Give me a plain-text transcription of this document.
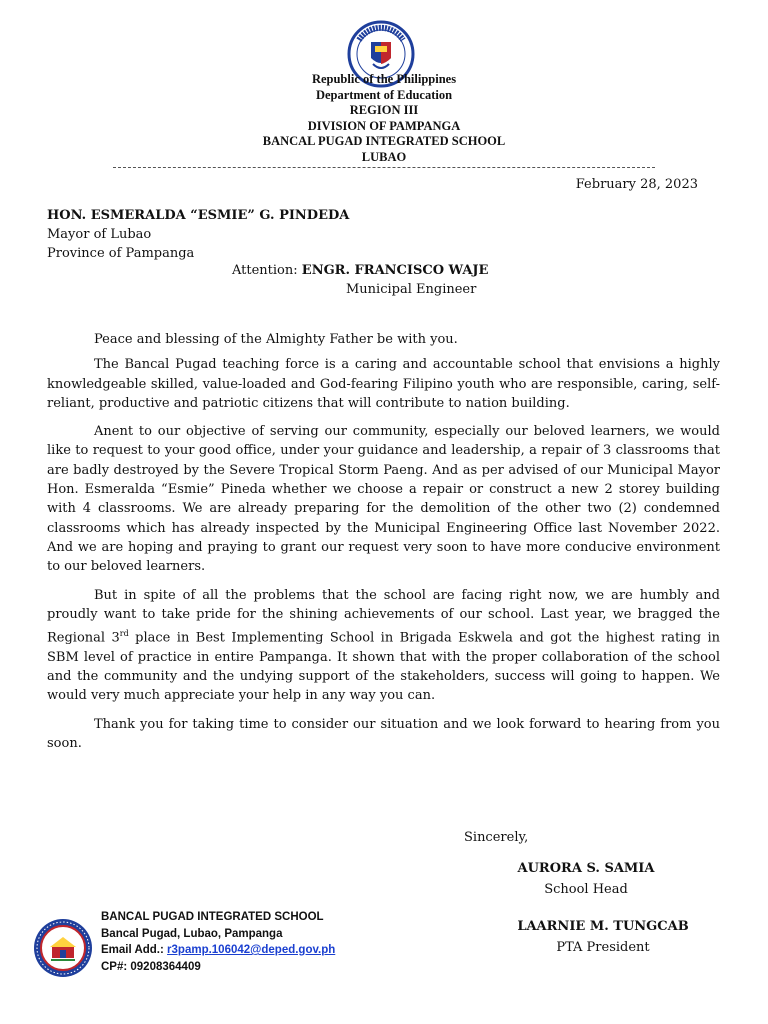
Republic of the Philippines
Department of Education
REGION III
DIVISION OF PAMPANGA
BANCAL PUGAD INTEGRATED SCHOOL
LUBAO
February 28, 2023
HON. ESMERALDA “ESMIE” G. PINDEDA
Mayor of Lubao
Province of Pampanga
Attention: ENGR. FRANCISCO WAJE
Municipal Engineer

Peace and blessing of the Almighty Father be with you.

The Bancal Pugad teaching force is a caring and accountable school that envisions a highly knowledgeable skilled, value-loaded and God-fearing Filipino youth who are responsible, caring, self-reliant, productive and patriotic citizens that will contribute to nation building.

Anent to our objective of serving our community, especially our beloved learners, we would like to request to your good office, under your guidance and leadership, a repair of 3 classrooms that are badly destroyed by the Severe Tropical Storm Paeng. And as per advised of our Municipal Mayor Hon. Esmeralda “Esmie” Pineda whether we choose a repair or construct a new 2 storey building with 4 classrooms. We are already preparing for the demolition of the other two (2) condemned classrooms which has already inspected by the Municipal Engineering Office last November 2022. And we are hoping and praying to grant our request very soon to have more conducive environment to our beloved learners.

But in spite of all the problems that the school are facing right now, we are humbly and proudly want to take pride for the shining achievements of our school. Last year, we bragged the Regional 3rd place in Best Implementing School in Brigada Eskwela and got the highest rating in SBM level of practice in entire Pampanga. It shown that with the proper collaboration of the school and the community and the undying support of the stakeholders, success will going to happen. We would very much appreciate your help in any way you can.

Thank you for taking time to consider our situation and we look forward to hearing from you soon.

Sincerely,
AURORA S. SAMIA
School Head
LAARNIE M. TUNGCAB
PTA President
BANCAL PUGAD INTEGRATED SCHOOL
Bancal Pugad, Lubao, Pampanga
Email Add.: r3pamp.106042@deped.gov.ph
CP#: 09208364409
